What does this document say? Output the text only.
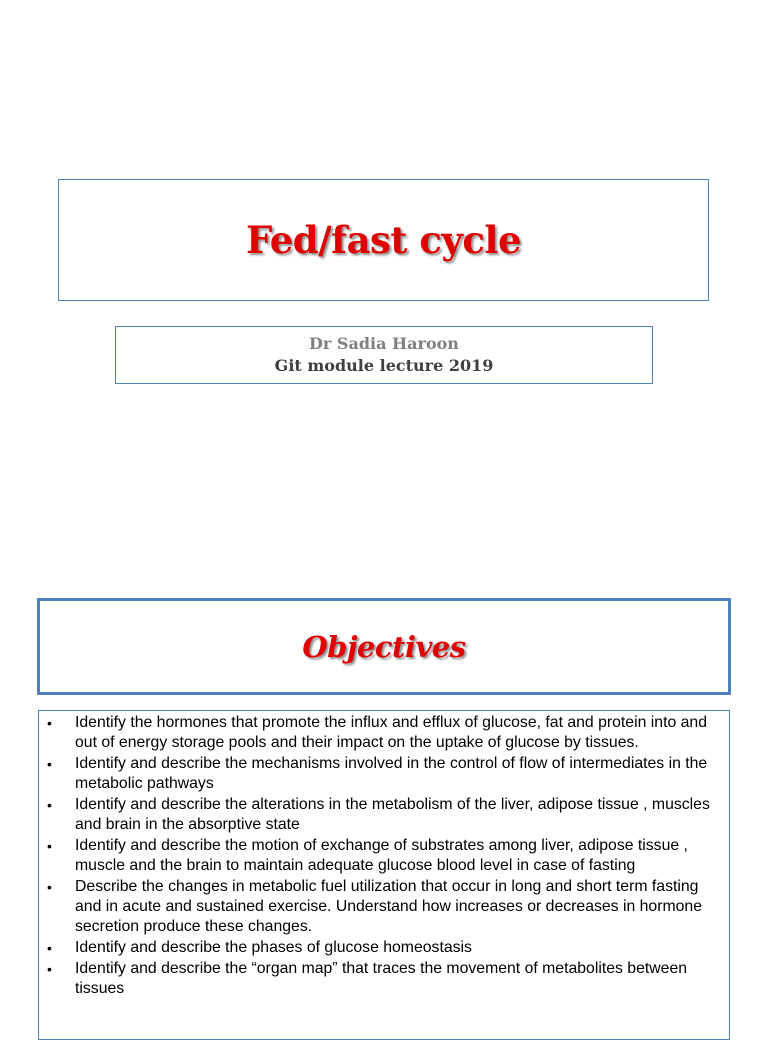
Fed/fast cycle
Dr Sadia Haroon
Git module lecture 2019
Objectives
•	Identify the hormones that promote the influx and efflux of glucose, fat and protein into and out of energy storage pools and their impact on the uptake of glucose by tissues.
•	Identify and describe the mechanisms involved in the control of flow of intermediates in the metabolic pathways
•	Identify and describe the alterations in the metabolism of the liver, adipose tissue , muscles and brain in the absorptive state
•	Identify and describe the motion of exchange of substrates among liver, adipose tissue , muscle and the brain to maintain adequate glucose blood level in case of fasting
•	Describe the changes in metabolic fuel utilization that occur in long and short term fasting and in acute and sustained exercise. Understand how increases or decreases in hormone secretion produce these changes.
•	Identify and describe the phases of glucose homeostasis
•	Identify and describe the “organ map” that traces the movement of metabolites between tissues
